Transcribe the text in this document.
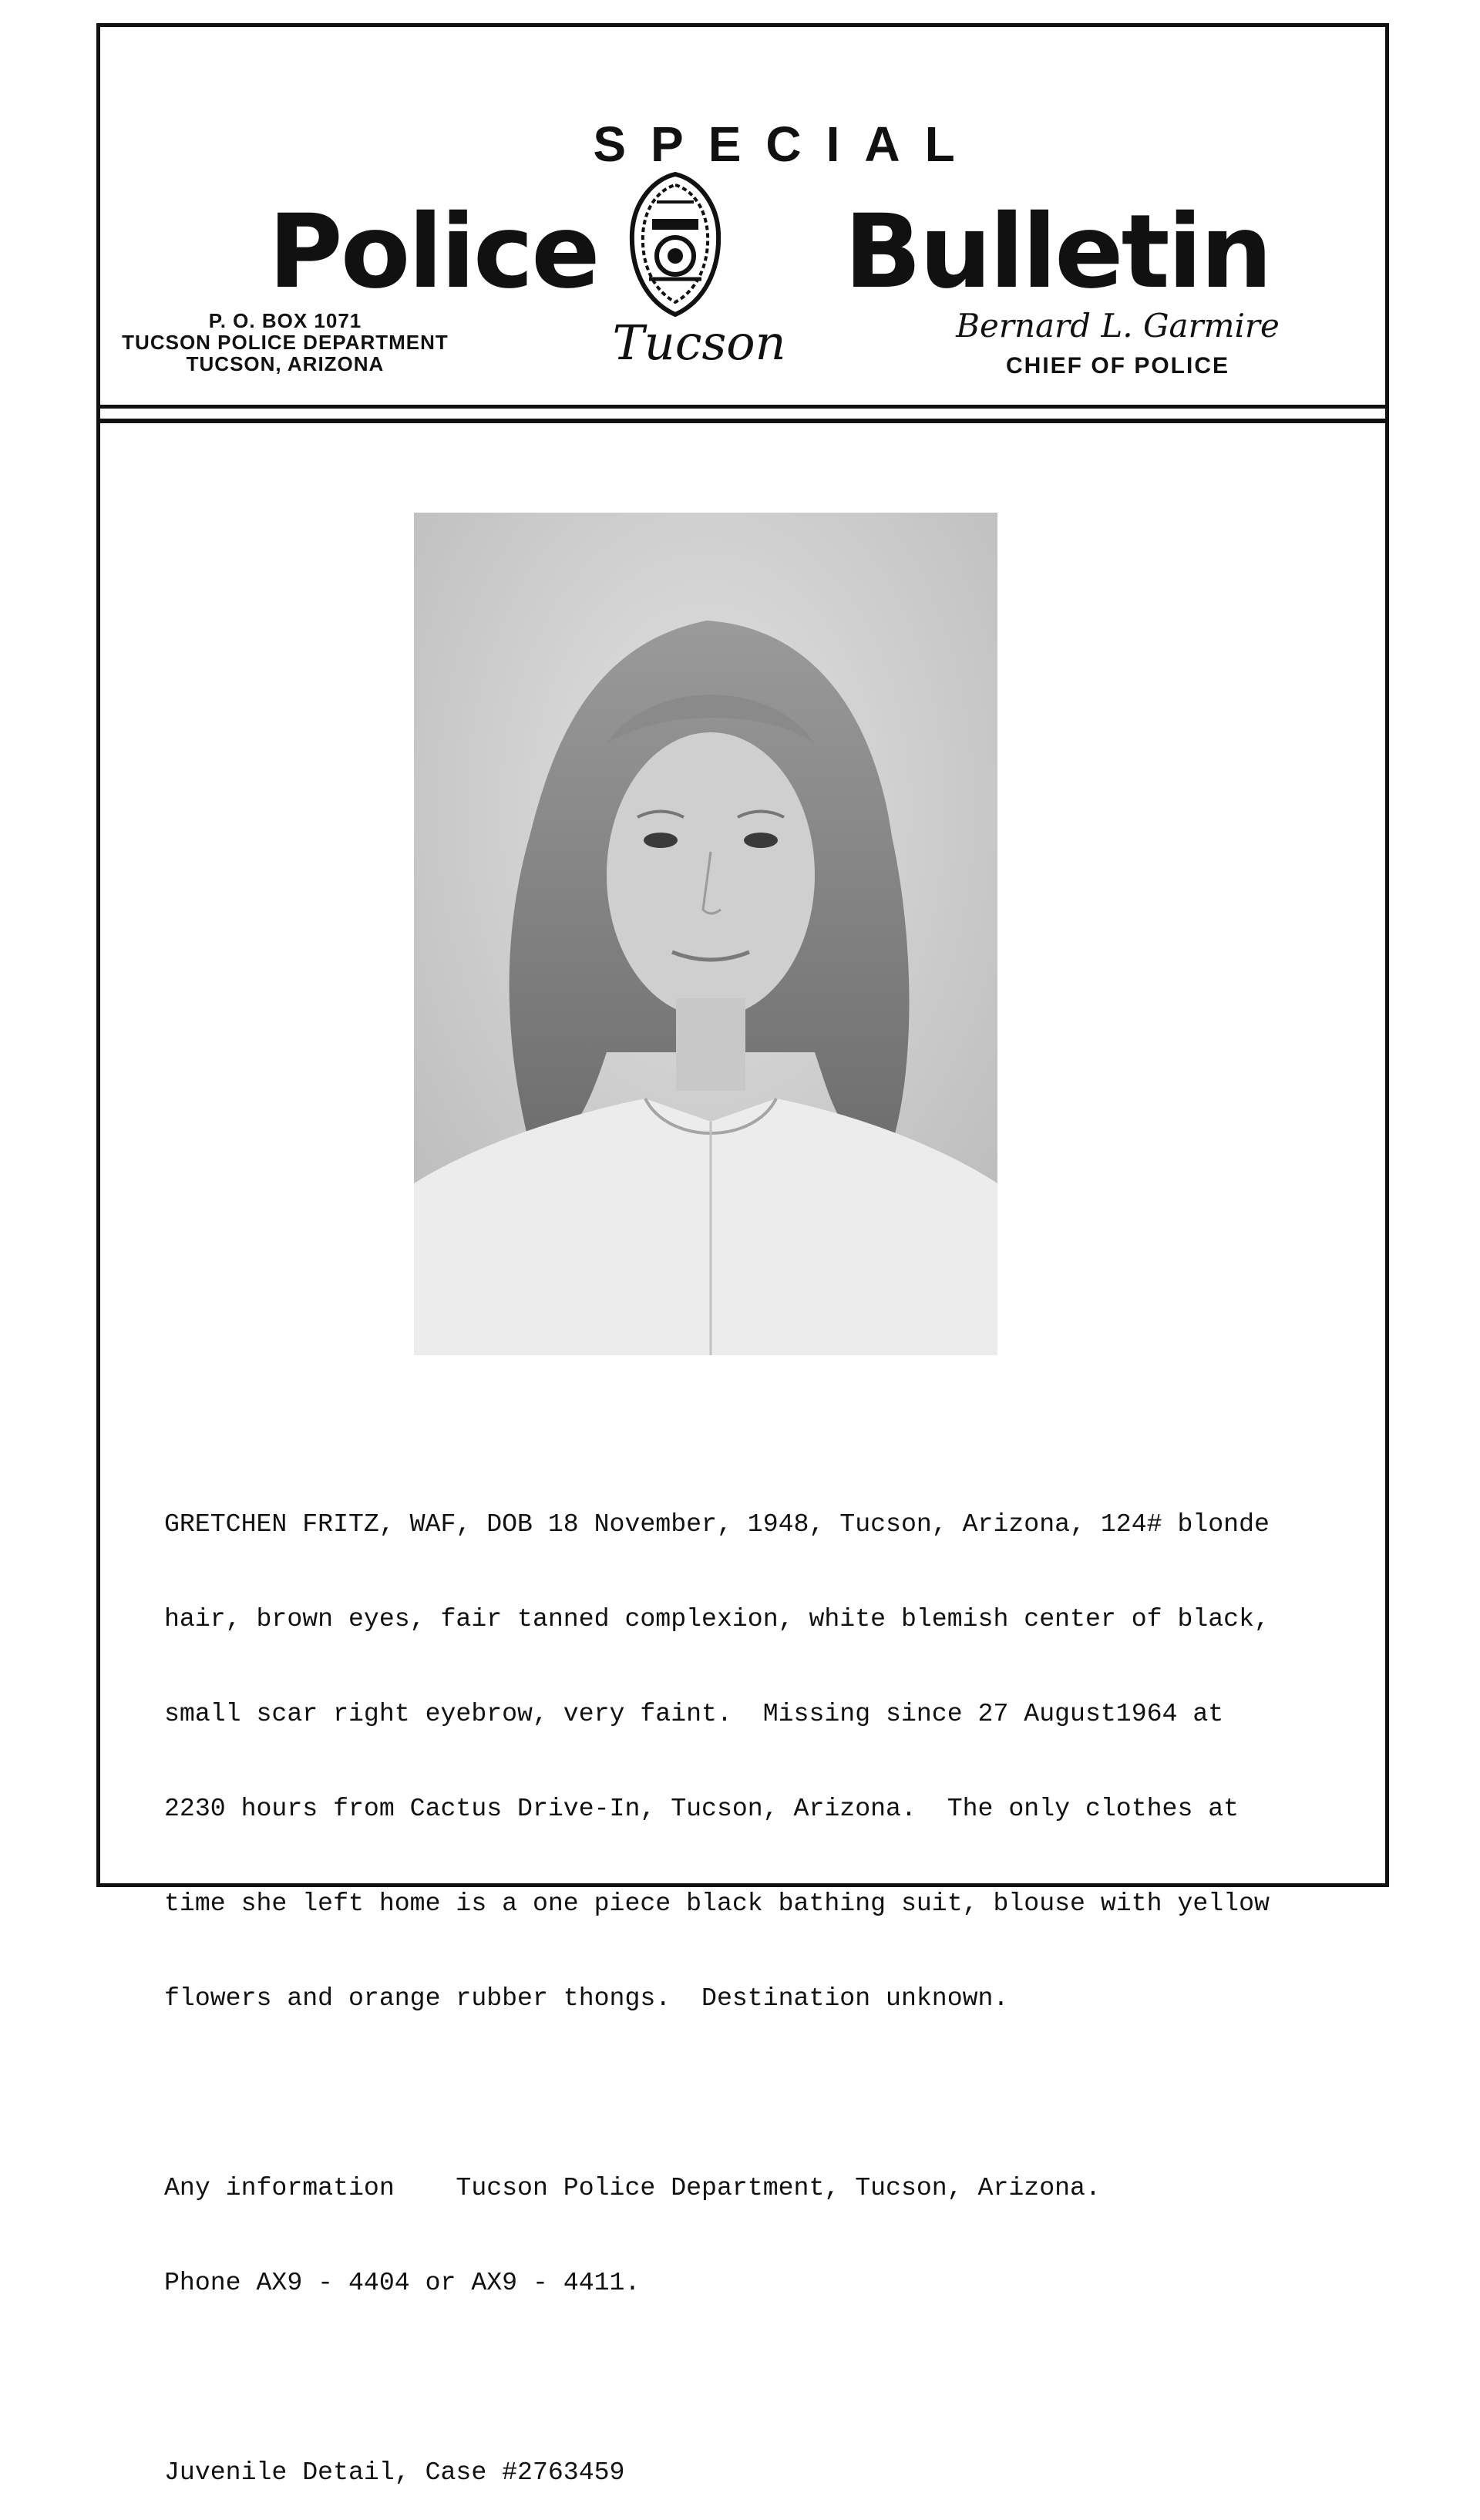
SPECIAL
Police Bulletin
Tucson
P. O. BOX 1071
TUCSON POLICE DEPARTMENT
TUCSON, ARIZONA
Bernard L. Garmire
CHIEF OF POLICE

GRETCHEN FRITZ, WAF, DOB 18 November, 1948, Tucson, Arizona, 124# blonde

hair, brown eyes, fair tanned complexion, white blemish center of black,

small scar right eyebrow, very faint.  Missing since 27 August1964 at

2230 hours from Cactus Drive-In, Tucson, Arizona.  The only clothes at

time she left home is a one piece black bathing suit, blouse with yellow

flowers and orange rubber thongs.  Destination unknown.

Any information    Tucson Police Department, Tucson, Arizona.

Phone AX9 - 4404 or AX9 - 4411.

Juvenile Detail, Case #2763459
